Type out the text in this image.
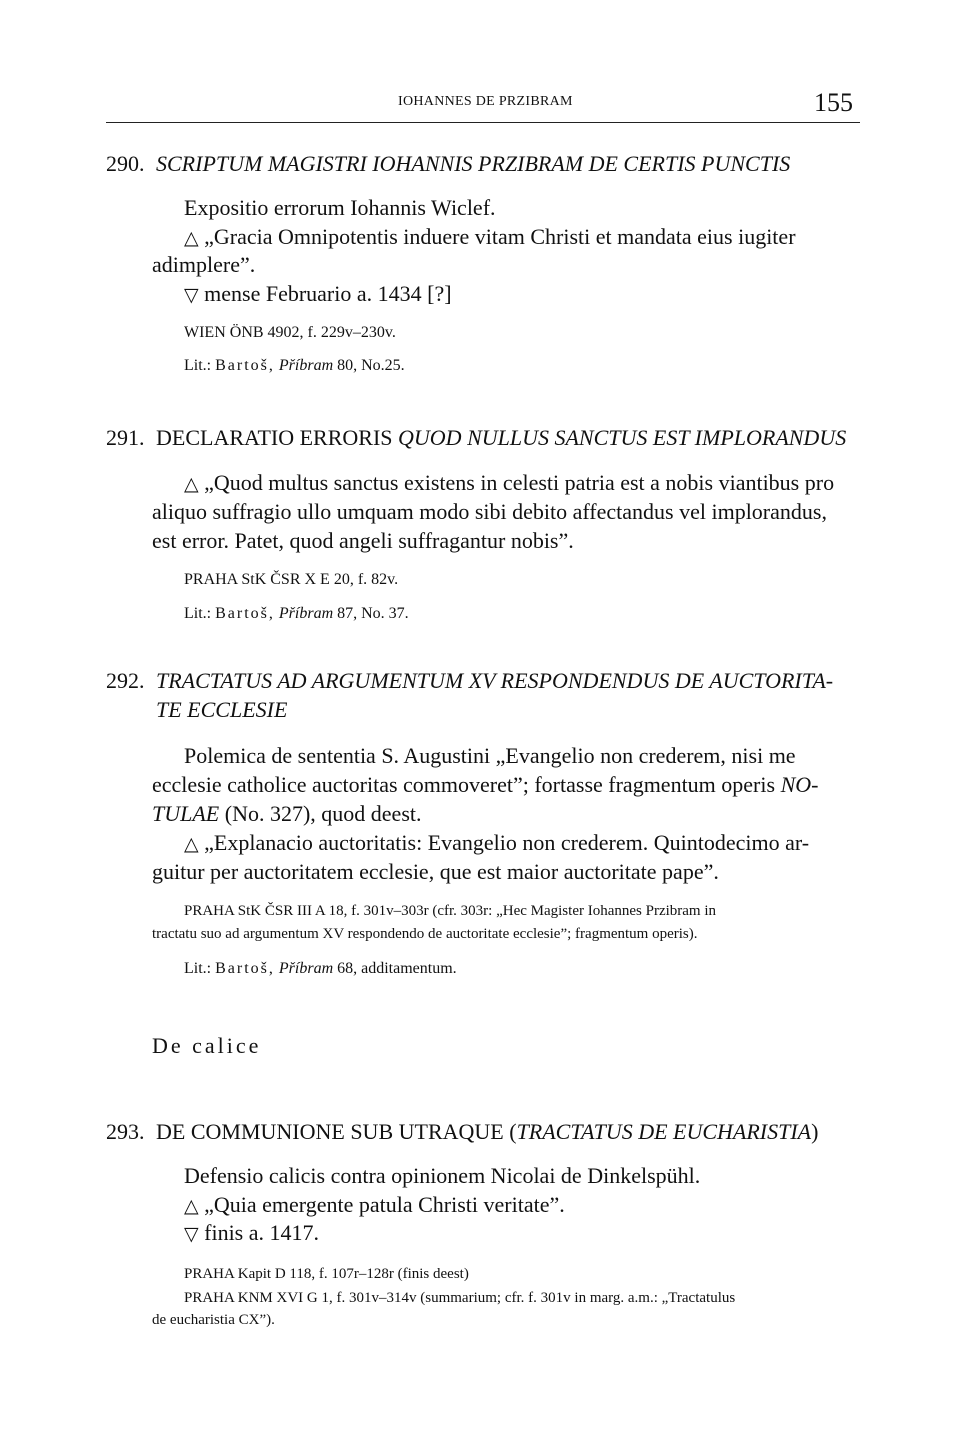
IOHANNES DE PRZIBRAM	155
290. SCRIPTUM MAGISTRI IOHANNIS PRZIBRAM DE CERTIS PUNCTIS
Expositio errorum Iohannis Wiclef.
△ „Gracia Omnipotentis induere vitam Christi et mandata eius iugiter
adimplere”.
▽ mense Februario a. 1434 [?]
WIEN ÖNB 4902, f. 229v–230v.
Lit.: Bartoš, Příbram 80, No.25.
291. DECLARATIO ERRORIS QUOD NULLUS SANCTUS EST IMPLORANDUS
△ „Quod multus sanctus existens in celesti patria est a nobis viantibus pro
aliquo suffragio ullo umquam modo sibi debito affectandus vel implorandus,
est error. Patet, quod angeli suffragantur nobis”.
PRAHA StK ČSR X E 20, f. 82v.
Lit.: Bartoš, Příbram 87, No. 37.
292. TRACTATUS AD ARGUMENTUM XV RESPONDENDUS DE AUCTORITA-
TE ECCLESIE
Polemica de sententia S. Augustini „Evangelio non crederem, nisi me
ecclesie catholice auctoritas commoveret”; fortasse fragmentum operis NO-
TULAE (No. 327), quod deest.
△ „Explanacio auctoritatis: Evangelio non crederem. Quintodecimo ar-
guitur per auctoritatem ecclesie, que est maior auctoritate pape”.
PRAHA StK ČSR III A 18, f. 301v–303r (cfr. 303r: „Hec Magister Iohannes Przibram in
tractatu suo ad argumentum XV respondendo de auctoritate ecclesie”; fragmentum operis).
Lit.: Bartoš, Příbram 68, additamentum.
De calice
293. DE COMMUNIONE SUB UTRAQUE (TRACTATUS DE EUCHARISTIA)
Defensio calicis contra opinionem Nicolai de Dinkelspühl.
△ „Quia emergente patula Christi veritate”.
▽ finis a. 1417.
PRAHA Kapit D 118, f. 107r–128r (finis deest)
PRAHA KNM XVI G 1, f. 301v–314v (summarium; cfr. f. 301v in marg. a.m.: „Tractatulus
de eucharistia CX”).
